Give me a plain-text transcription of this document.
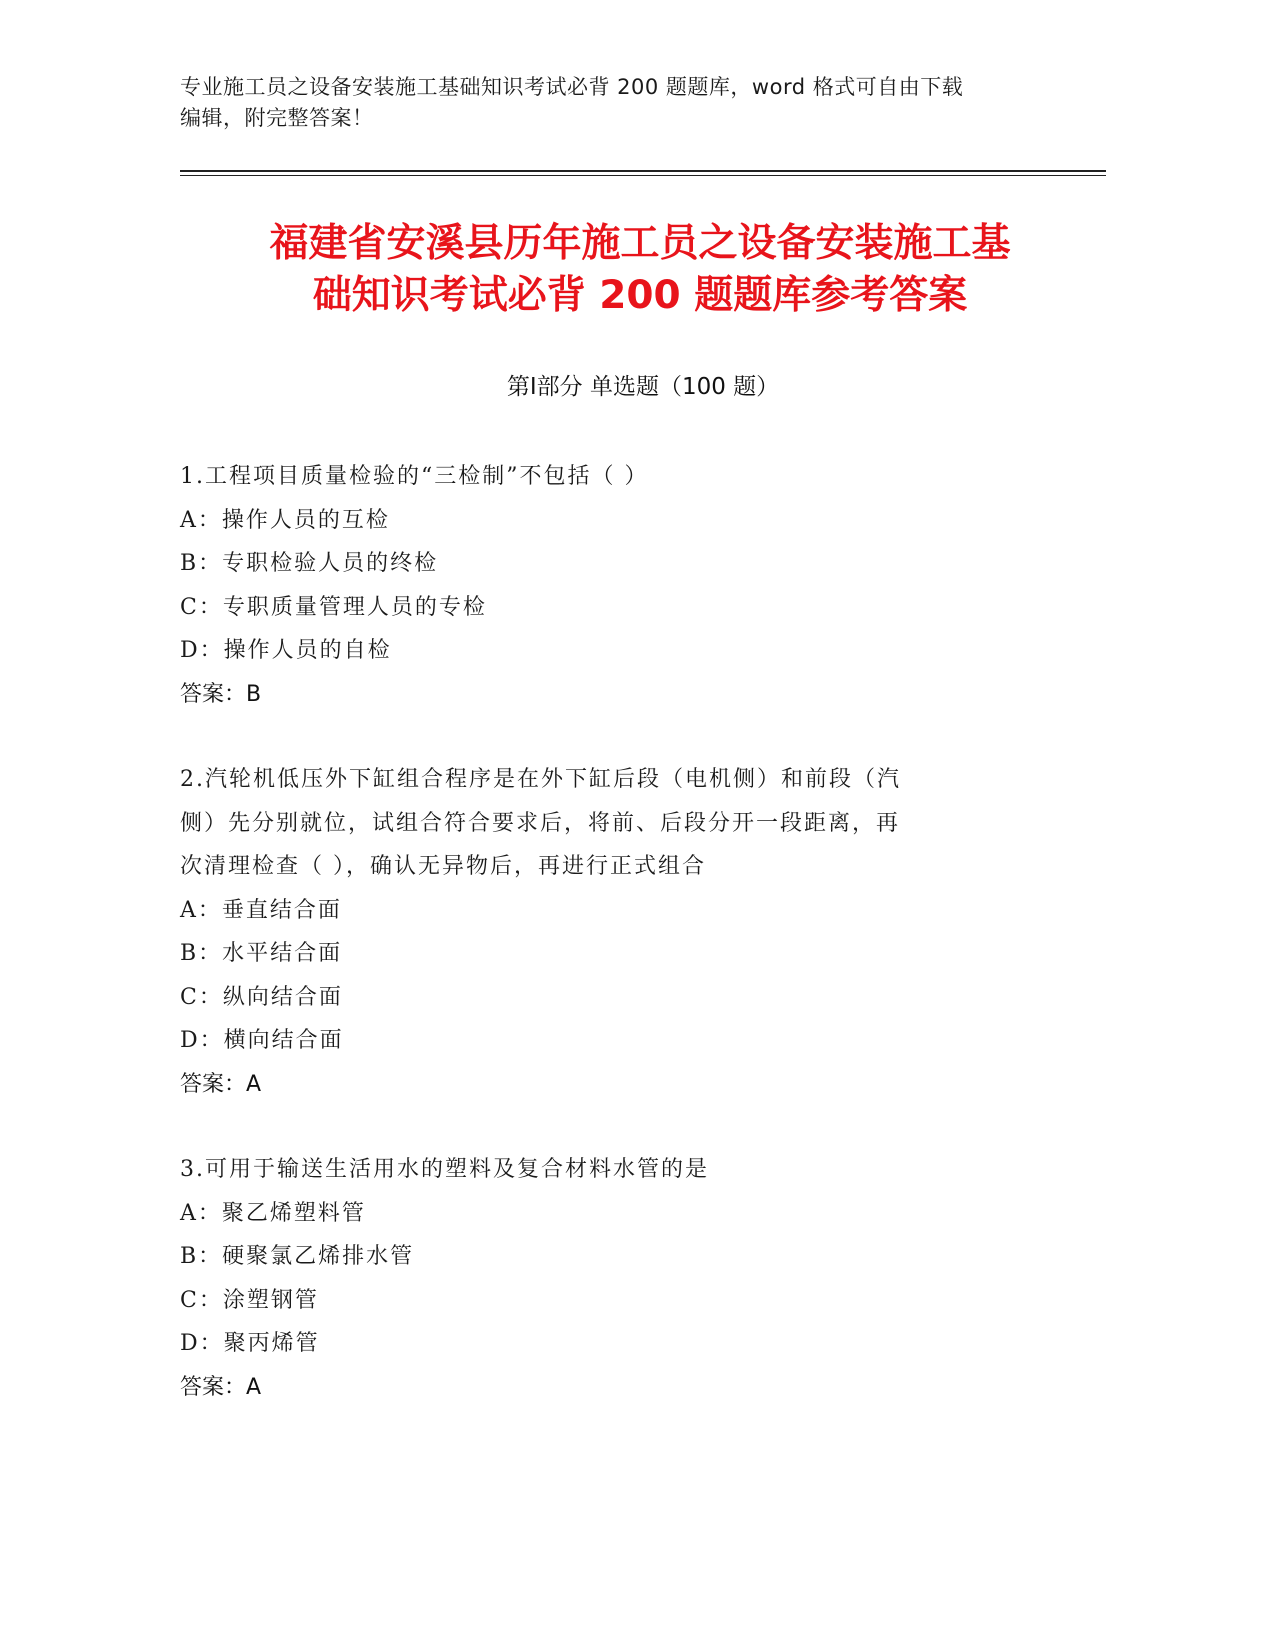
专业施工员之设备安装施工基础知识考试必背 200 题题库，word 格式可自由下载
编辑，附完整答案！
福建省安溪县历年施工员之设备安装施工基
础知识考试必背 200 题题库参考答案
第Ⅰ部分 单选题（100 题）
1.工程项目质量检验的“三检制”不包括（ ）
A：操作人员的互检
B：专职检验人员的终检
C：专职质量管理人员的专检
D：操作人员的自检
答案：B
2.汽轮机低压外下缸组合程序是在外下缸后段（电机侧）和前段（汽
侧）先分别就位，试组合符合要求后，将前、后段分开一段距离，再
次清理检查（ ），确认无异物后，再进行正式组合
A：垂直结合面
B：水平结合面
C：纵向结合面
D：横向结合面
答案：A
3.可用于输送生活用水的塑料及复合材料水管的是
A：聚乙烯塑料管
B：硬聚氯乙烯排水管
C：涂塑钢管
D：聚丙烯管
答案：A
